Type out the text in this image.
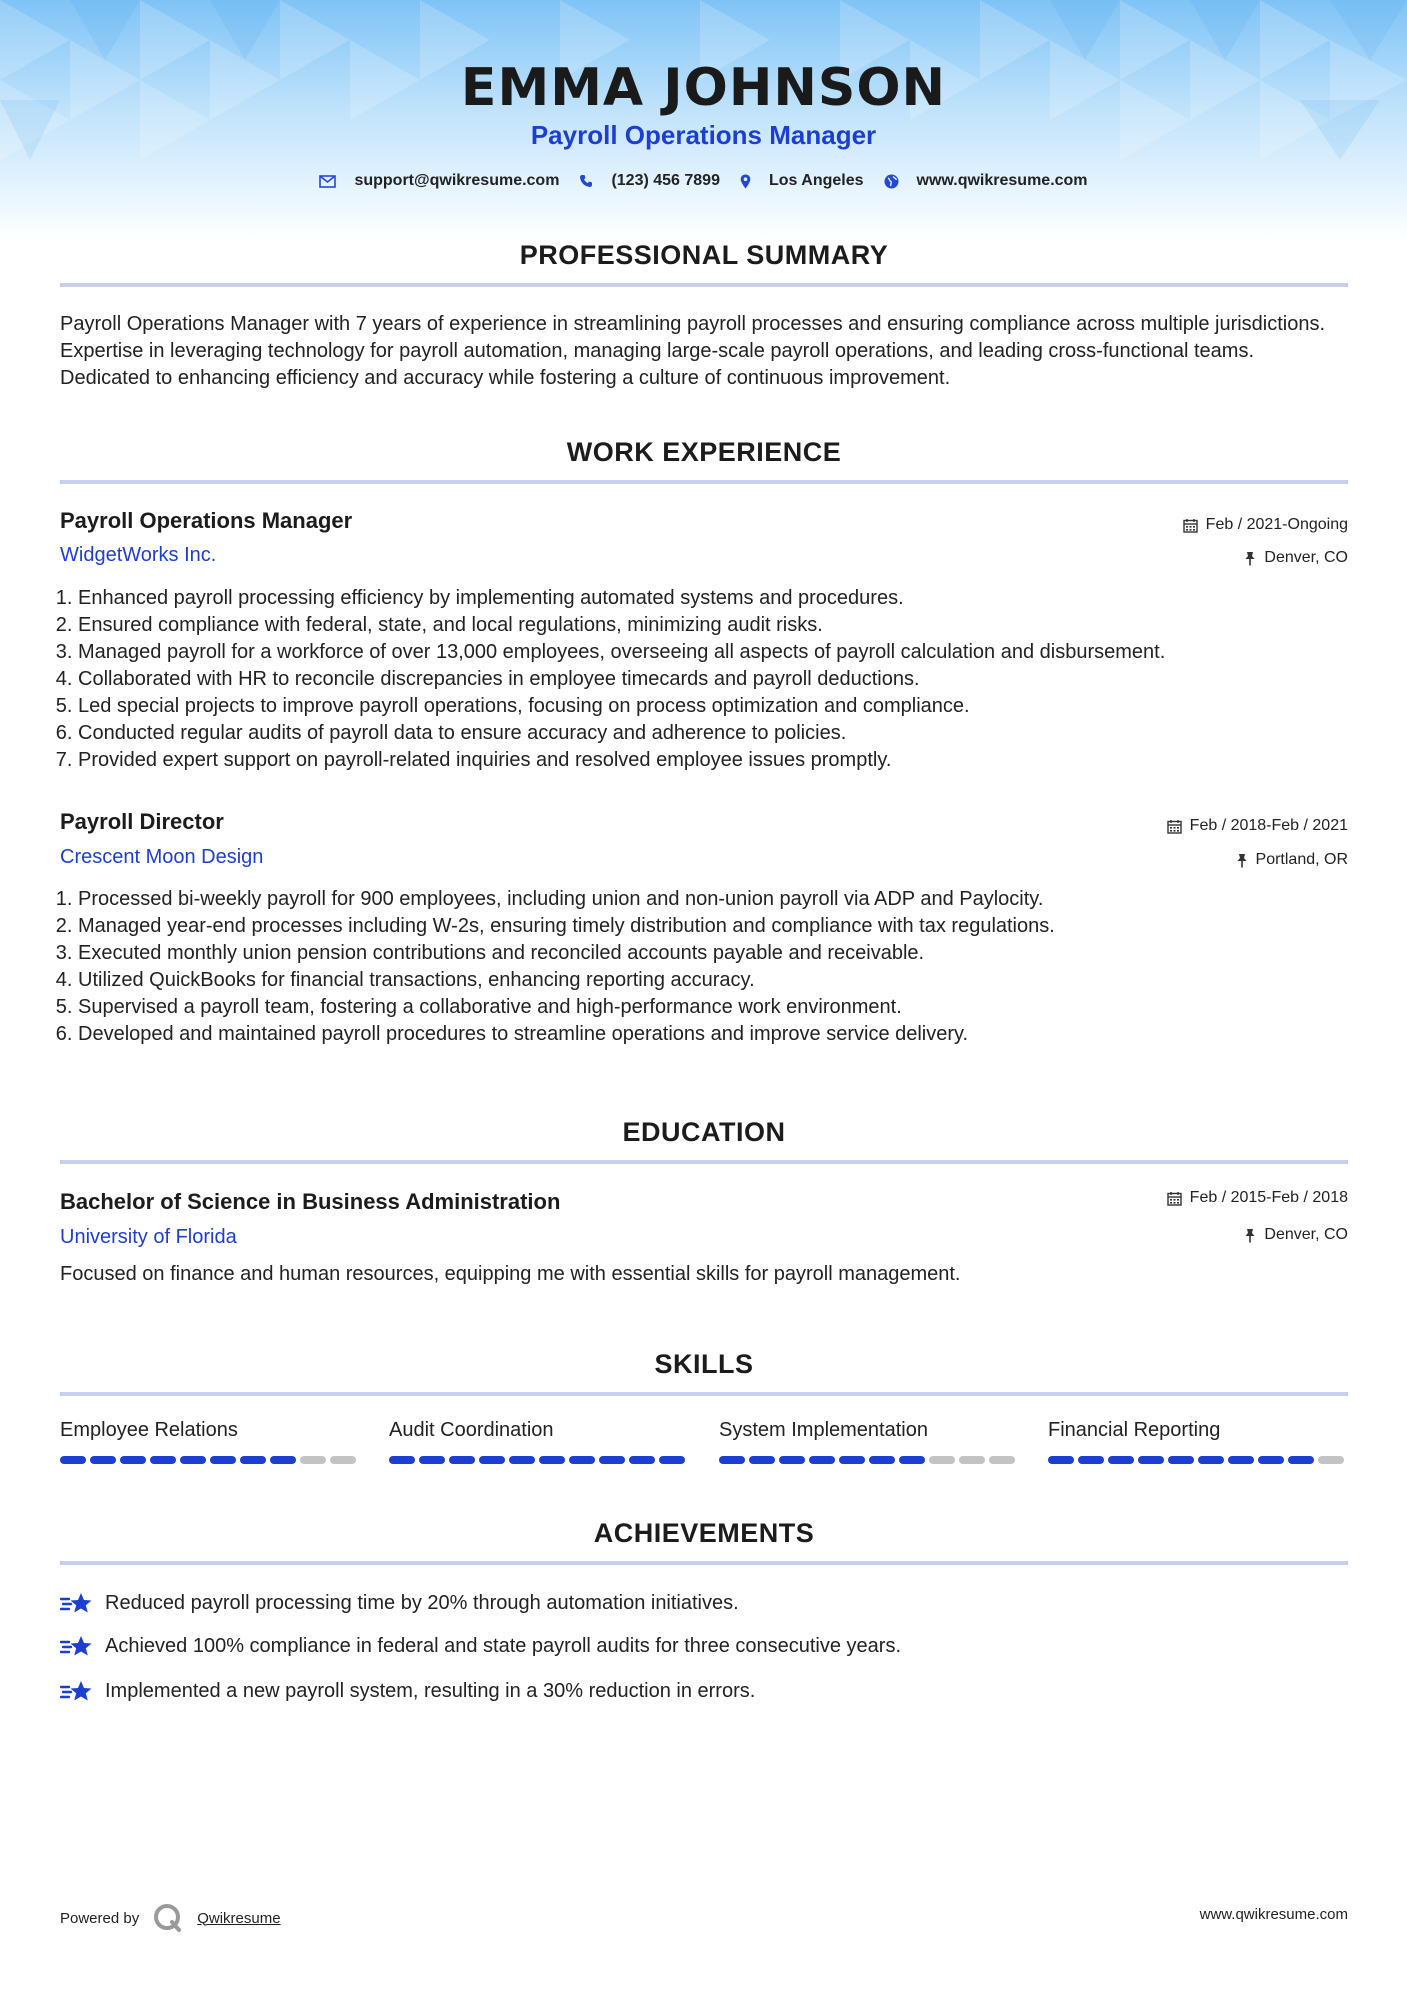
EMMA JOHNSON
Payroll Operations Manager
support@qwikresume.com	(123) 456 7899	Los Angeles	www.qwikresume.com
PROFESSIONAL SUMMARY
Payroll Operations Manager with 7 years of experience in streamlining payroll processes and ensuring compliance across multiple jurisdictions. Expertise in leveraging technology for payroll automation, managing large-scale payroll operations, and leading cross-functional teams. Dedicated to enhancing efficiency and accuracy while fostering a culture of continuous improvement.
WORK EXPERIENCE
Payroll Operations Manager	Feb / 2021-Ongoing
WidgetWorks Inc.	Denver, CO
1. Enhanced payroll processing efficiency by implementing automated systems and procedures.
2. Ensured compliance with federal, state, and local regulations, minimizing audit risks.
3. Managed payroll for a workforce of over 13,000 employees, overseeing all aspects of payroll calculation and disbursement.
4. Collaborated with HR to reconcile discrepancies in employee timecards and payroll deductions.
5. Led special projects to improve payroll operations, focusing on process optimization and compliance.
6. Conducted regular audits of payroll data to ensure accuracy and adherence to policies.
7. Provided expert support on payroll-related inquiries and resolved employee issues promptly.
Payroll Director	Feb / 2018-Feb / 2021
Crescent Moon Design	Portland, OR
1. Processed bi-weekly payroll for 900 employees, including union and non-union payroll via ADP and Paylocity.
2. Managed year-end processes including W-2s, ensuring timely distribution and compliance with tax regulations.
3. Executed monthly union pension contributions and reconciled accounts payable and receivable.
4. Utilized QuickBooks for financial transactions, enhancing reporting accuracy.
5. Supervised a payroll team, fostering a collaborative and high-performance work environment.
6. Developed and maintained payroll procedures to streamline operations and improve service delivery.
EDUCATION
Bachelor of Science in Business Administration	Feb / 2015-Feb / 2018
University of Florida	Denver, CO
Focused on finance and human resources, equipping me with essential skills for payroll management.
SKILLS
Employee Relations	Audit Coordination	System Implementation	Financial Reporting
ACHIEVEMENTS
Reduced payroll processing time by 20% through automation initiatives.
Achieved 100% compliance in federal and state payroll audits for three consecutive years.
Implemented a new payroll system, resulting in a 30% reduction in errors.
Powered by	Qwikresume	www.qwikresume.com
